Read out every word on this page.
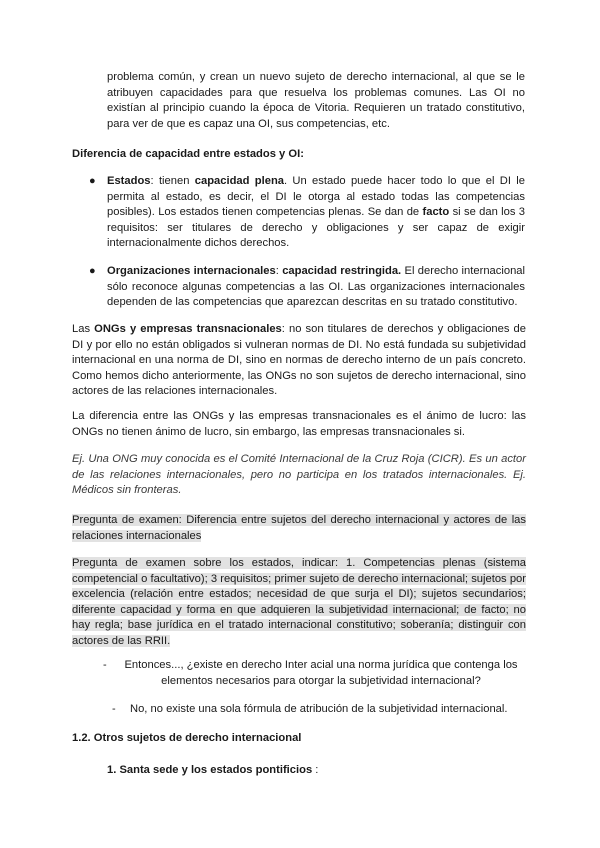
problema común, y crean un nuevo sujeto de derecho internacional, al que se le atribuyen capacidades para que resuelva los problemas comunes. Las OI no existían al principio cuando la época de Vitoria. Requieren un tratado constitutivo, para ver de que es capaz una OI, sus competencias, etc.

Diferencia de capacidad entre estados y OI:

● Estados: tienen capacidad plena. Un estado puede hacer todo lo que el DI le permita al estado, es decir, el DI le otorga al estado todas las competencias posibles). Los estados tienen competencias plenas. Se dan de facto si se dan los 3 requisitos: ser titulares de derecho y obligaciones y ser capaz de exigir internacionalmente dichos derechos.

● Organizaciones internacionales: capacidad restringida. El derecho internacional sólo reconoce algunas competencias a las OI. Las organizaciones internacionales dependen de las competencias que aparezcan descritas en su tratado constitutivo.

Las ONGs y empresas transnacionales: no son titulares de derechos y obligaciones de DI y por ello no están obligados si vulneran normas de DI. No está fundada su subjetividad internacional en una norma de DI, sino en normas de derecho interno de un país concreto. Como hemos dicho anteriormente, las ONGs no son sujetos de derecho internacional, sino actores de las relaciones internacionales.

La diferencia entre las ONGs y las empresas transnacionales es el ánimo de lucro: las ONGs no tienen ánimo de lucro, sin embargo, las empresas transnacionales si.

Ej. Una ONG muy conocida es el Comité Internacional de la Cruz Roja (CICR). Es un actor de las relaciones internacionales, pero no participa en los tratados internacionales. Ej. Médicos sin fronteras.

Pregunta de examen: Diferencia entre sujetos del derecho internacional y actores de las relaciones internacionales

Pregunta de examen sobre los estados, indicar: 1. Competencias plenas (sistema competencial o facultativo); 3 requisitos; primer sujeto de derecho internacional; sujetos por excelencia (relación entre estados; necesidad de que surja el DI); sujetos secundarios; diferente capacidad y forma en que adquieren la subjetividad internacional; de facto; no hay regla; base jurídica en el tratado internacional constitutivo; soberanía; distinguir con actores de las RRII.

-	Entonces..., ¿existe en derecho Inter acial una norma jurídica que contenga los elementos necesarios para otorgar la subjetividad internacional?

- No, no existe una sola fórmula de atribución de la subjetividad internacional.

1.2. Otros sujetos de derecho internacional

1. Santa sede y los estados pontificios :
